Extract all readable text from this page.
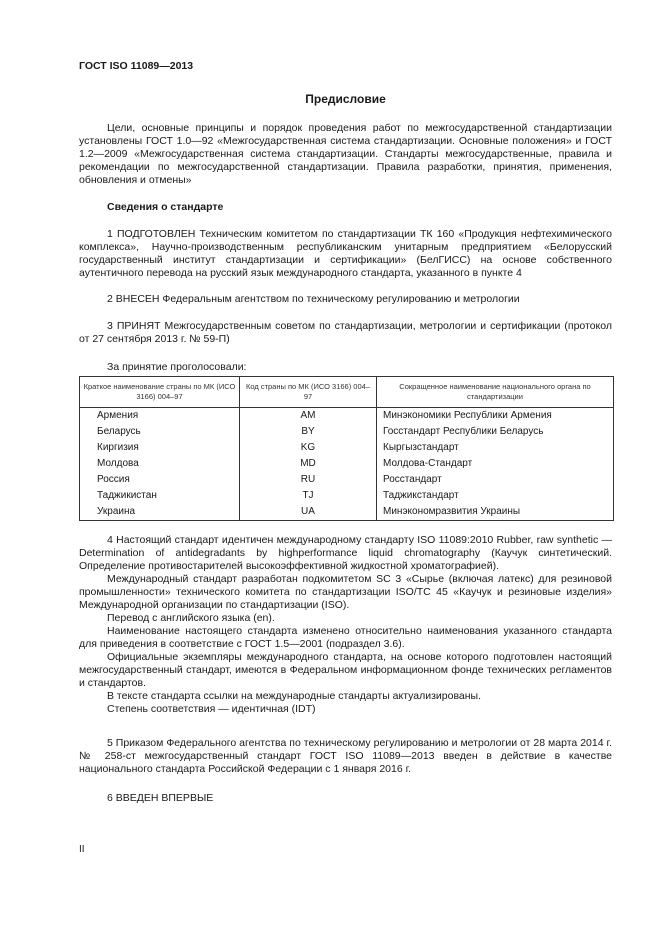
ГОСТ ISO 11089—2013
Предисловие

Цели, основные принципы и порядок проведения работ по межгосударственной стандартизации установлены ГОСТ 1.0—92 «Межгосударственная система стандартизации. Основные положения» и ГОСТ 1.2—2009 «Межгосударственная система стандартизации. Стандарты межгосударственные, правила и рекомендации по межгосударственной стандартизации. Правила разработки, принятия, применения, обновления и отмены»

Сведения о стандарте

1 ПОДГОТОВЛЕН Техническим комитетом по стандартизации ТК 160 «Продукция нефтехимического комплекса», Научно-производственным республиканским унитарным предприятием «Белорусский государственный институт стандартизации и сертификации» (БелГИСС) на основе собственного аутентичного перевода на русский язык международного стандарта, указанного в пункте 4

2 ВНЕСЕН Федеральным агентством по техническому регулированию и метрологии

3 ПРИНЯТ Межгосударственным советом по стандартизации, метрологии и сертификации (протокол от 27 сентября 2013 г. № 59-П)

За принятие проголосовали:
Краткое наименование страны по МК (ИСО 3166) 004–97	Код страны по МК (ИСО 3166) 004–97	Сокращенное наименование национального органа по стандартизации
Армения	AM	Минэкономики Республики Армения
Беларусь	BY	Госстандарт Республики Беларусь
Киргизия	KG	Кыргызстандарт
Молдова	MD	Молдова-Стандарт
Россия	RU	Росстандарт
Таджикистан	TJ	Таджикстандарт
Украина	UA	Минэкономразвития Украины

4 Настоящий стандарт идентичен международному стандарту ISO 11089:2010 Rubber, raw synthetic — Determination of antidegradants by highperformance liquid chromatography (Каучук синтетический. Определение противостарителей высокоэффективной жидкостной хроматографией).

Международный стандарт разработан подкомитетом SC 3 «Сырье (включая латекс) для резиновой промышленности» технического комитета по стандартизации ISO/TC 45 «Каучук и резиновые изделия» Международной организации по стандартизации (ISO).

Перевод с английского языка (en).

Наименование настоящего стандарта изменено относительно наименования указанного стандарта для приведения в соответствие с ГОСТ 1.5—2001 (подраздел 3.6).

Официальные экземпляры международного стандарта, на основе которого подготовлен настоящий межгосударственный стандарт, имеются в Федеральном информационном фонде технических регламентов и стандартов.

В тексте стандарта ссылки на международные стандарты актуализированы.

Степень соответствия — идентичная (IDT)

5 Приказом Федерального агентства по техническому регулированию и метрологии от 28 марта 2014 г. № 258-ст межгосударственный стандарт ГОСТ ISO 11089—2013 введен в действие в качестве национального стандарта Российской Федерации с 1 января 2016 г.

6 ВВЕДЕН ВПЕРВЫЕ

II
